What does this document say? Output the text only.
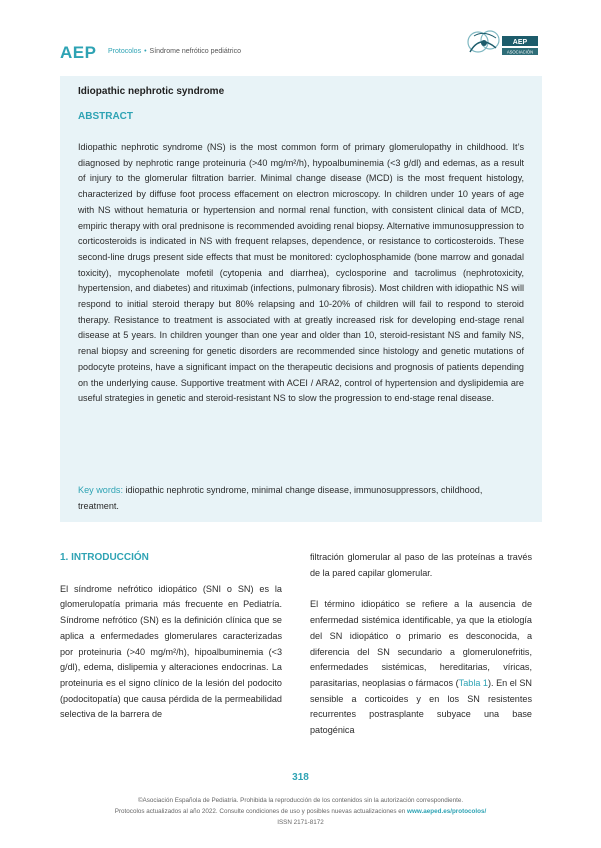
AEP Protocolos • Síndrome nefrótico pediátrico
AEP
ASOCIACIÓN
Idiopathic nephrotic syndrome
ABSTRACT
Idiopathic nephrotic syndrome (NS) is the most common form of primary glomerulopathy in childhood. It’s diagnosed by nephrotic range proteinuria (>40 mg/m²/h), hypoalbuminemia (<3 g/dl) and edemas, as a result of injury to the glomerular filtration barrier. Minimal change disease (MCD) is the most frequent histology, characterized by diffuse foot process effacement on electron microscopy. In children under 10 years of age with NS without hematuria or hypertension and normal renal function, with consistent clinical data of MCD, empiric therapy with oral prednisone is recommended avoiding renal biopsy. Alternative immunosuppression to corticosteroids is indicated in NS with frequent relapses, dependence, or resistance to corticosteroids. These second-line drugs present side effects that must be monitored: cyclophosphamide (bone marrow and gonadal toxicity), mycophenolate mofetil (cytopenia and diarrhea), cyclosporine and tacrolimus (nephrotoxicity, hypertension, and diabetes) and rituximab (infections, pulmonary fibrosis). Most children with idiopathic NS will respond to initial steroid therapy but 80% relapsing and 10-20% of children will fail to respond to steroid therapy. Resistance to treatment is associated with at greatly increased risk for developing end-stage renal disease at 5 years. In children younger than one year and older than 10, steroid-resistant NS and family NS, renal biopsy and screening for genetic disorders are recommended since histology and genetic mutations of podocyte proteins, have a significant impact on the therapeutic decisions and prognosis of patients depending on the underlying cause. Supportive treatment with ACEI / ARA2, control of hypertension and dyslipidemia are useful strategies in genetic and steroid-resistant NS to slow the progression to end-stage renal disease.
Key words: idiopathic nephrotic syndrome, minimal change disease, immunosuppressors, childhood, treatment.
1. INTRODUCCIÓN

El síndrome nefrótico idiopático (SNI o SN) es la glomerulopatía primaria más frecuente en Pediatría. Síndrome nefrótico (SN) es la definición clínica que se aplica a enfermedades glomerulares caracterizadas por proteinuria (>40 mg/m²/h), hipoalbuminemia (<3 g/dl), edema, dislipemia y alteraciones endocrinas. La proteinuria es el signo clínico de la lesión del podocito (podocitopatía) que causa pérdida de la permeabilidad selectiva de la barrera de

filtración glomerular al paso de las proteínas a través de la pared capilar glomerular.

El término idiopático se refiere a la ausencia de enfermedad sistémica identificable, ya que la etiología del SN idiopático o primario es desconocida, a diferencia del SN secundario a glomerulonefritis, enfermedades sistémicas, hereditarias, víricas, parasitarias, neoplasias o fármacos (Tabla 1). En el SN sensible a corticoides y en los SN resistentes recurrentes postrasplante subyace una base patogénica

318
©Asociación Española de Pediatría. Prohibida la reproducción de los contenidos sin la autorización correspondiente.
Protocolos actualizados al año 2022. Consulte condiciones de uso y posibles nuevas actualizaciones en www.aeped.es/protocolos/
ISSN 2171-8172
